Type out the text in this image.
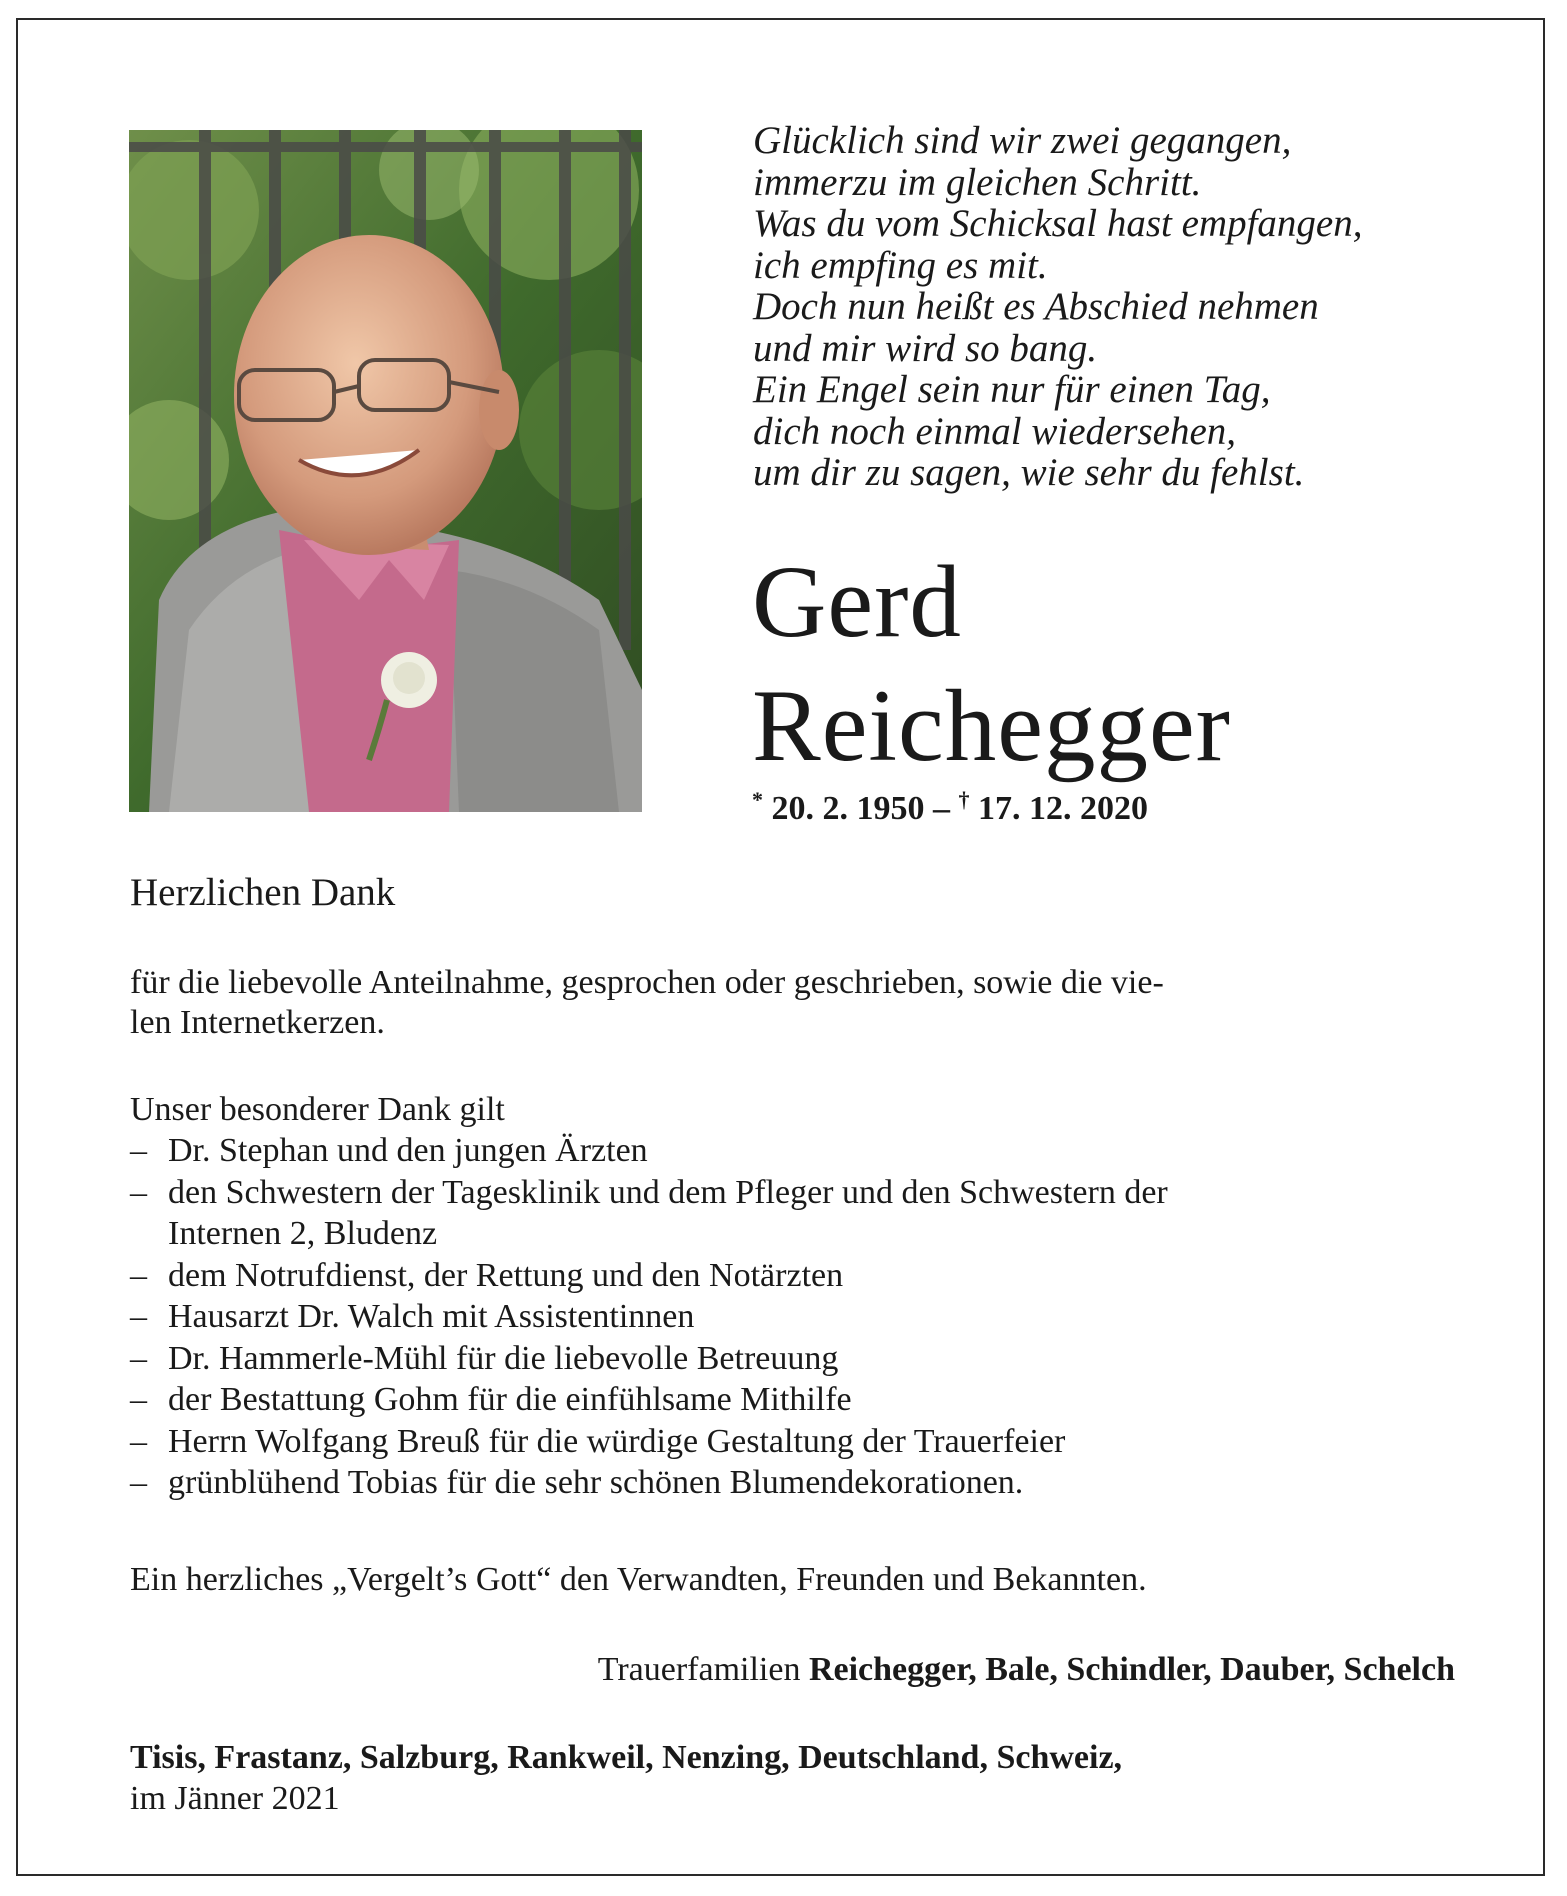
Glücklich sind wir zwei gegangen,
immerzu im gleichen Schritt.
Was du vom Schicksal hast empfangen,
ich empfing es mit.
Doch nun heißt es Abschied nehmen
und mir wird so bang.
Ein Engel sein nur für einen Tag,
dich noch einmal wiedersehen,
um dir zu sagen, wie sehr du fehlst.
Gerd
Reichegger
* 20. 2. 1950 – † 17. 12. 2020
Herzlichen Dank
für die liebevolle Anteilnahme, gesprochen oder geschrieben, sowie die vie-
len Internetkerzen.
Unser besonderer Dank gilt
– Dr. Stephan und den jungen Ärzten
– den Schwestern der Tagesklinik und dem Pfleger und den Schwestern der
Internen 2, Bludenz
– dem Notrufdienst, der Rettung und den Notärzten
– Hausarzt Dr. Walch mit Assistentinnen
– Dr. Hammerle-Mühl für die liebevolle Betreuung
– der Bestattung Gohm für die einfühlsame Mithilfe
– Herrn Wolfgang Breuß für die würdige Gestaltung der Trauerfeier
– grünblühend Tobias für die sehr schönen Blumendekorationen.
Ein herzliches „Vergelt’s Gott“ den Verwandten, Freunden und Bekannten.
Trauerfamilien Reichegger, Bale, Schindler, Dauber, Schelch
Tisis, Frastanz, Salzburg, Rankweil, Nenzing, Deutschland, Schweiz,
im Jänner 2021
